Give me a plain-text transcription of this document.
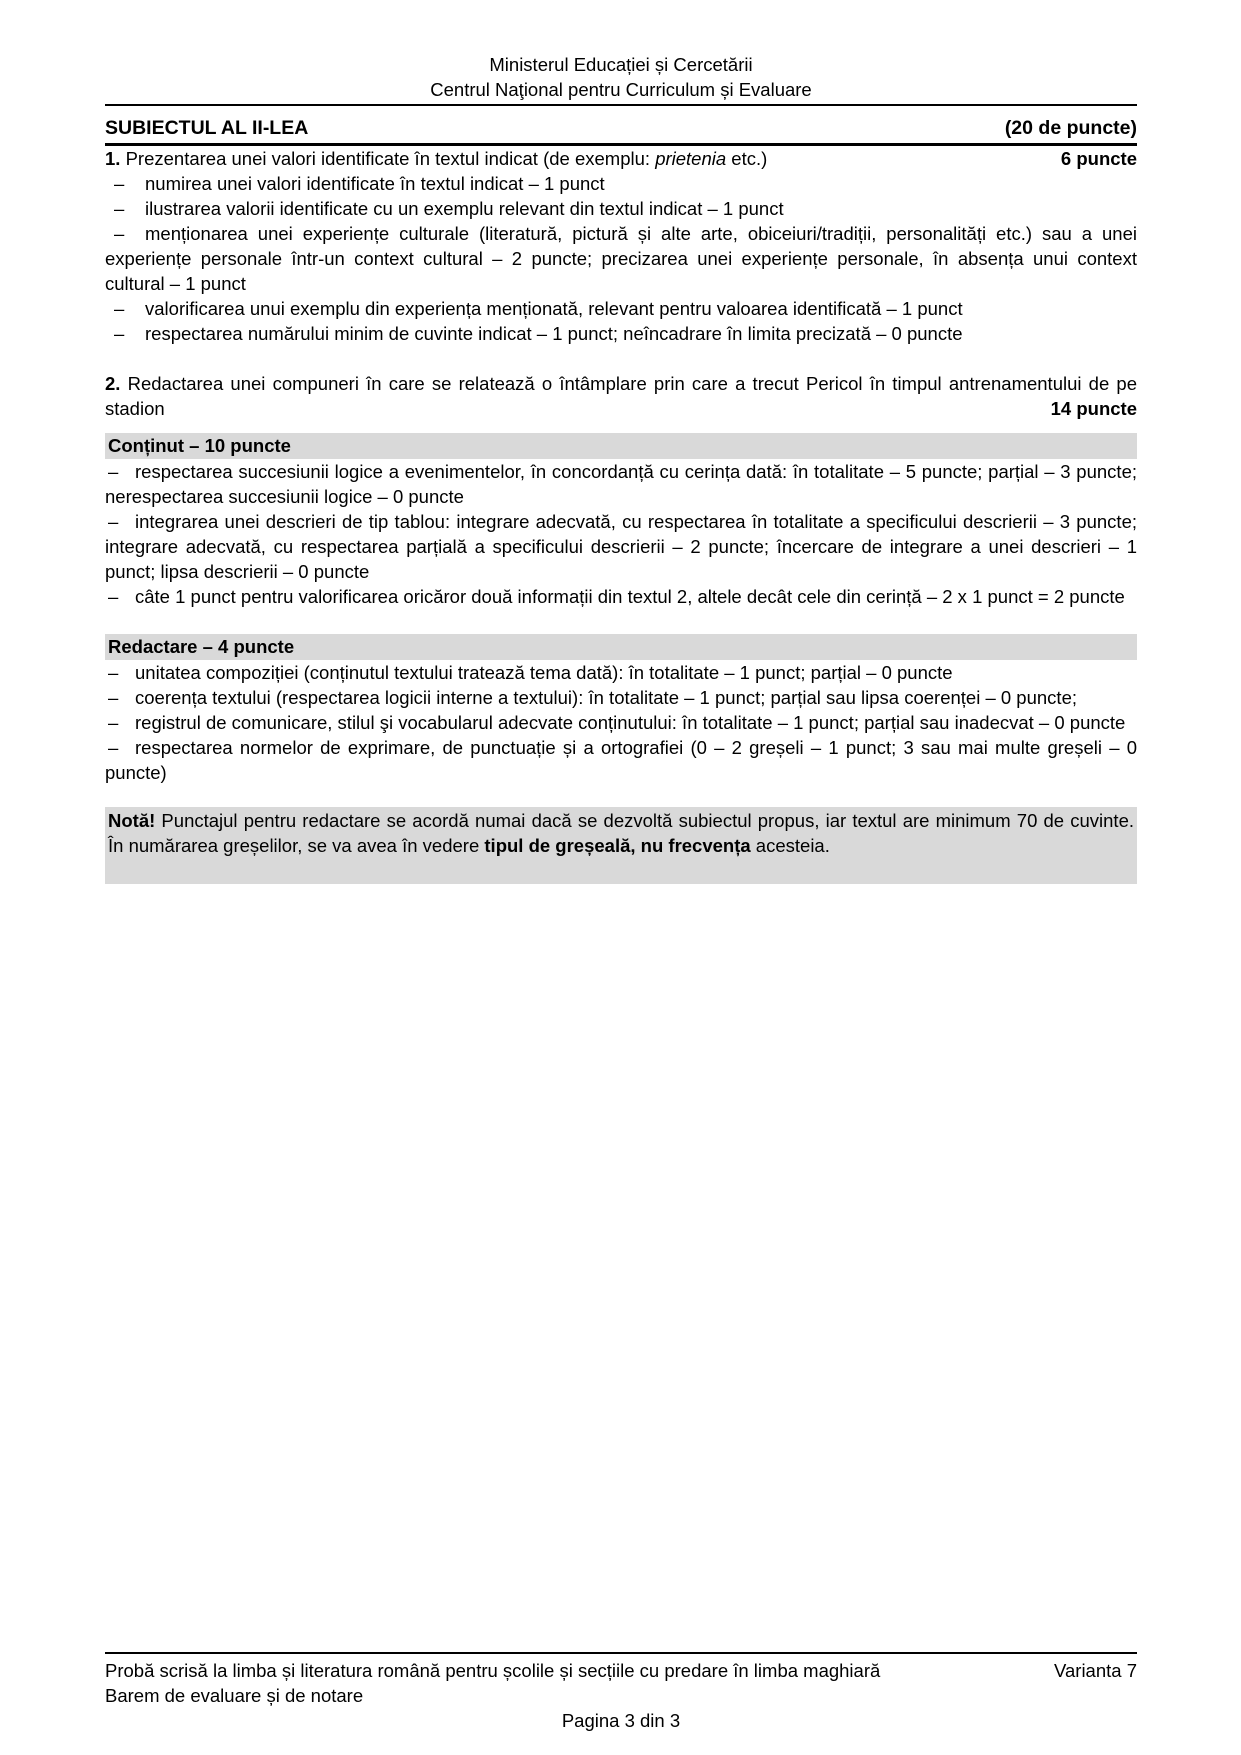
Ministerul Educației și Cercetării

Centrul Naţional pentru Curriculum și Evaluare

SUBIECTUL AL II-LEA	(20 de puncte)

1. Prezentarea unei valori identificate în textul indicat (de exemplu: prietenia etc.)	6 puncte

– numirea unei valori identificate în textul indicat – 1 punct

– ilustrarea valorii identificate cu un exemplu relevant din textul indicat – 1 punct

– menționarea unei experiențe culturale (literatură, pictură și alte arte, obiceiuri/tradiții, personalități etc.) sau a unei experiențe personale într-un context cultural – 2 puncte; precizarea unei experiențe personale, în absența unui context cultural – 1 punct

– valorificarea unui exemplu din experiența menționată, relevant pentru valoarea identificată – 1 punct

– respectarea numărului minim de cuvinte indicat – 1 punct; neîncadrare în limita precizată – 0 puncte

2. Redactarea unei compuneri în care se relatează o întâmplare prin care a trecut Pericol în timpul antrenamentului de pe stadion	14 puncte

Conținut – 10 puncte

– respectarea succesiunii logice a evenimentelor, în concordanță cu cerința dată: în totalitate – 5 puncte; parțial – 3 puncte; nerespectarea succesiunii logice – 0 puncte

– integrarea unei descrieri de tip tablou: integrare adecvată, cu respectarea în totalitate a specificului descrierii – 3 puncte; integrare adecvată, cu respectarea parțială a specificului descrierii – 2 puncte; încercare de integrare a unei descrieri – 1 punct; lipsa descrierii – 0 puncte

– câte 1 punct pentru valorificarea oricăror două informații din textul 2, altele decât cele din cerință – 2 x 1 punct = 2 puncte

Redactare – 4 puncte

– unitatea compoziției (conținutul textului tratează tema dată): în totalitate – 1 punct; parțial – 0 puncte

– coerența textului (respectarea logicii interne a textului): în totalitate – 1 punct; parțial sau lipsa coerenței – 0 puncte;

– registrul de comunicare, stilul şi vocabularul adecvate conținutului: în totalitate – 1 punct; parțial sau inadecvat – 0 puncte

– respectarea normelor de exprimare, de punctuație și a ortografiei (0 – 2 greșeli – 1 punct; 3 sau mai multe greșeli – 0 puncte)

Notă! Punctajul pentru redactare se acordă numai dacă se dezvoltă subiectul propus, iar textul are minimum 70 de cuvinte. În numărarea greșelilor, se va avea în vedere tipul de greșeală, nu frecvența acesteia.

Probă scrisă la limba și literatura română pentru școlile și secțiile cu predare în limba maghiară	Varianta 7
Barem de evaluare și de notare
Pagina 3 din 3
